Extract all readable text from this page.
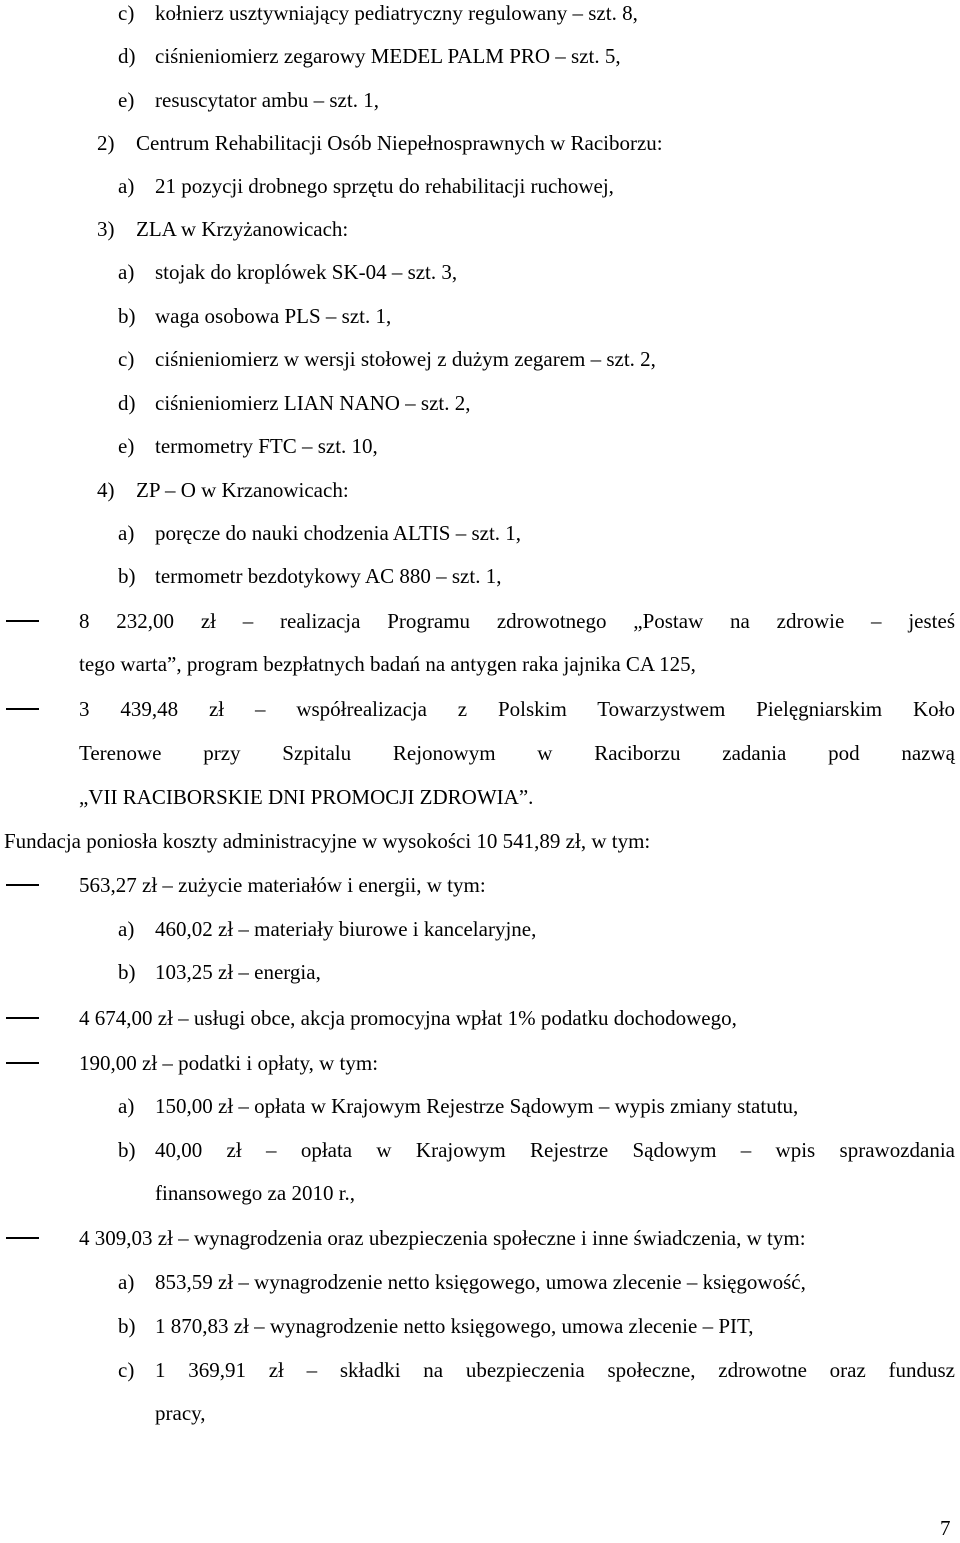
c) kołnierz usztywniający pediatryczny regulowany – szt. 8,
d) ciśnieniomierz zegarowy MEDEL PALM PRO – szt. 5,
e) resuscytator ambu – szt. 1,
2) Centrum Rehabilitacji Osób Niepełnosprawnych w Raciborzu:
a) 21 pozycji drobnego sprzętu do rehabilitacji ruchowej,
3) ZLA w Krzyżanowicach:
a) stojak do kroplówek SK-04 – szt. 3,
b) waga osobowa PLS – szt. 1,
c) ciśnieniomierz w wersji stołowej z dużym zegarem – szt. 2,
d) ciśnieniomierz LIAN NANO – szt. 2,
e) termometry FTC – szt. 10,
4) ZP – O w Krzanowicach:
a) poręcze do nauki chodzenia ALTIS – szt. 1,
b) termometr bezdotykowy AC 880 – szt. 1,
8 232,00 zł – realizacja Programu zdrowotnego „Postaw na zdrowie – jesteś
tego warta”, program bezpłatnych badań na antygen raka jajnika CA 125,
3 439,48 zł – współrealizacja z Polskim Towarzystwem Pielęgniarskim Koło
Terenowe przy Szpitalu Rejonowym w Raciborzu zadania pod nazwą
„VII RACIBORSKIE DNI PROMOCJI ZDROWIA”.
Fundacja poniosła koszty administracyjne w wysokości 10 541,89 zł, w tym:
563,27 zł – zużycie materiałów i energii, w tym:
a) 460,02 zł – materiały biurowe i kancelaryjne,
b) 103,25 zł – energia,
4 674,00 zł – usługi obce, akcja promocyjna wpłat 1% podatku dochodowego,
190,00 zł – podatki i opłaty, w tym:
a) 150,00 zł – opłata w Krajowym Rejestrze Sądowym – wypis zmiany statutu,
b) 40,00 zł – opłata w Krajowym Rejestrze Sądowym – wpis sprawozdania
finansowego za 2010 r.,
4 309,03 zł – wynagrodzenia oraz ubezpieczenia społeczne i inne świadczenia, w tym:
a) 853,59 zł – wynagrodzenie netto księgowego, umowa zlecenie – księgowość,
b) 1 870,83 zł – wynagrodzenie netto księgowego, umowa zlecenie – PIT,
c) 1 369,91 zł – składki na ubezpieczenia społeczne, zdrowotne oraz fundusz
pracy,
7
